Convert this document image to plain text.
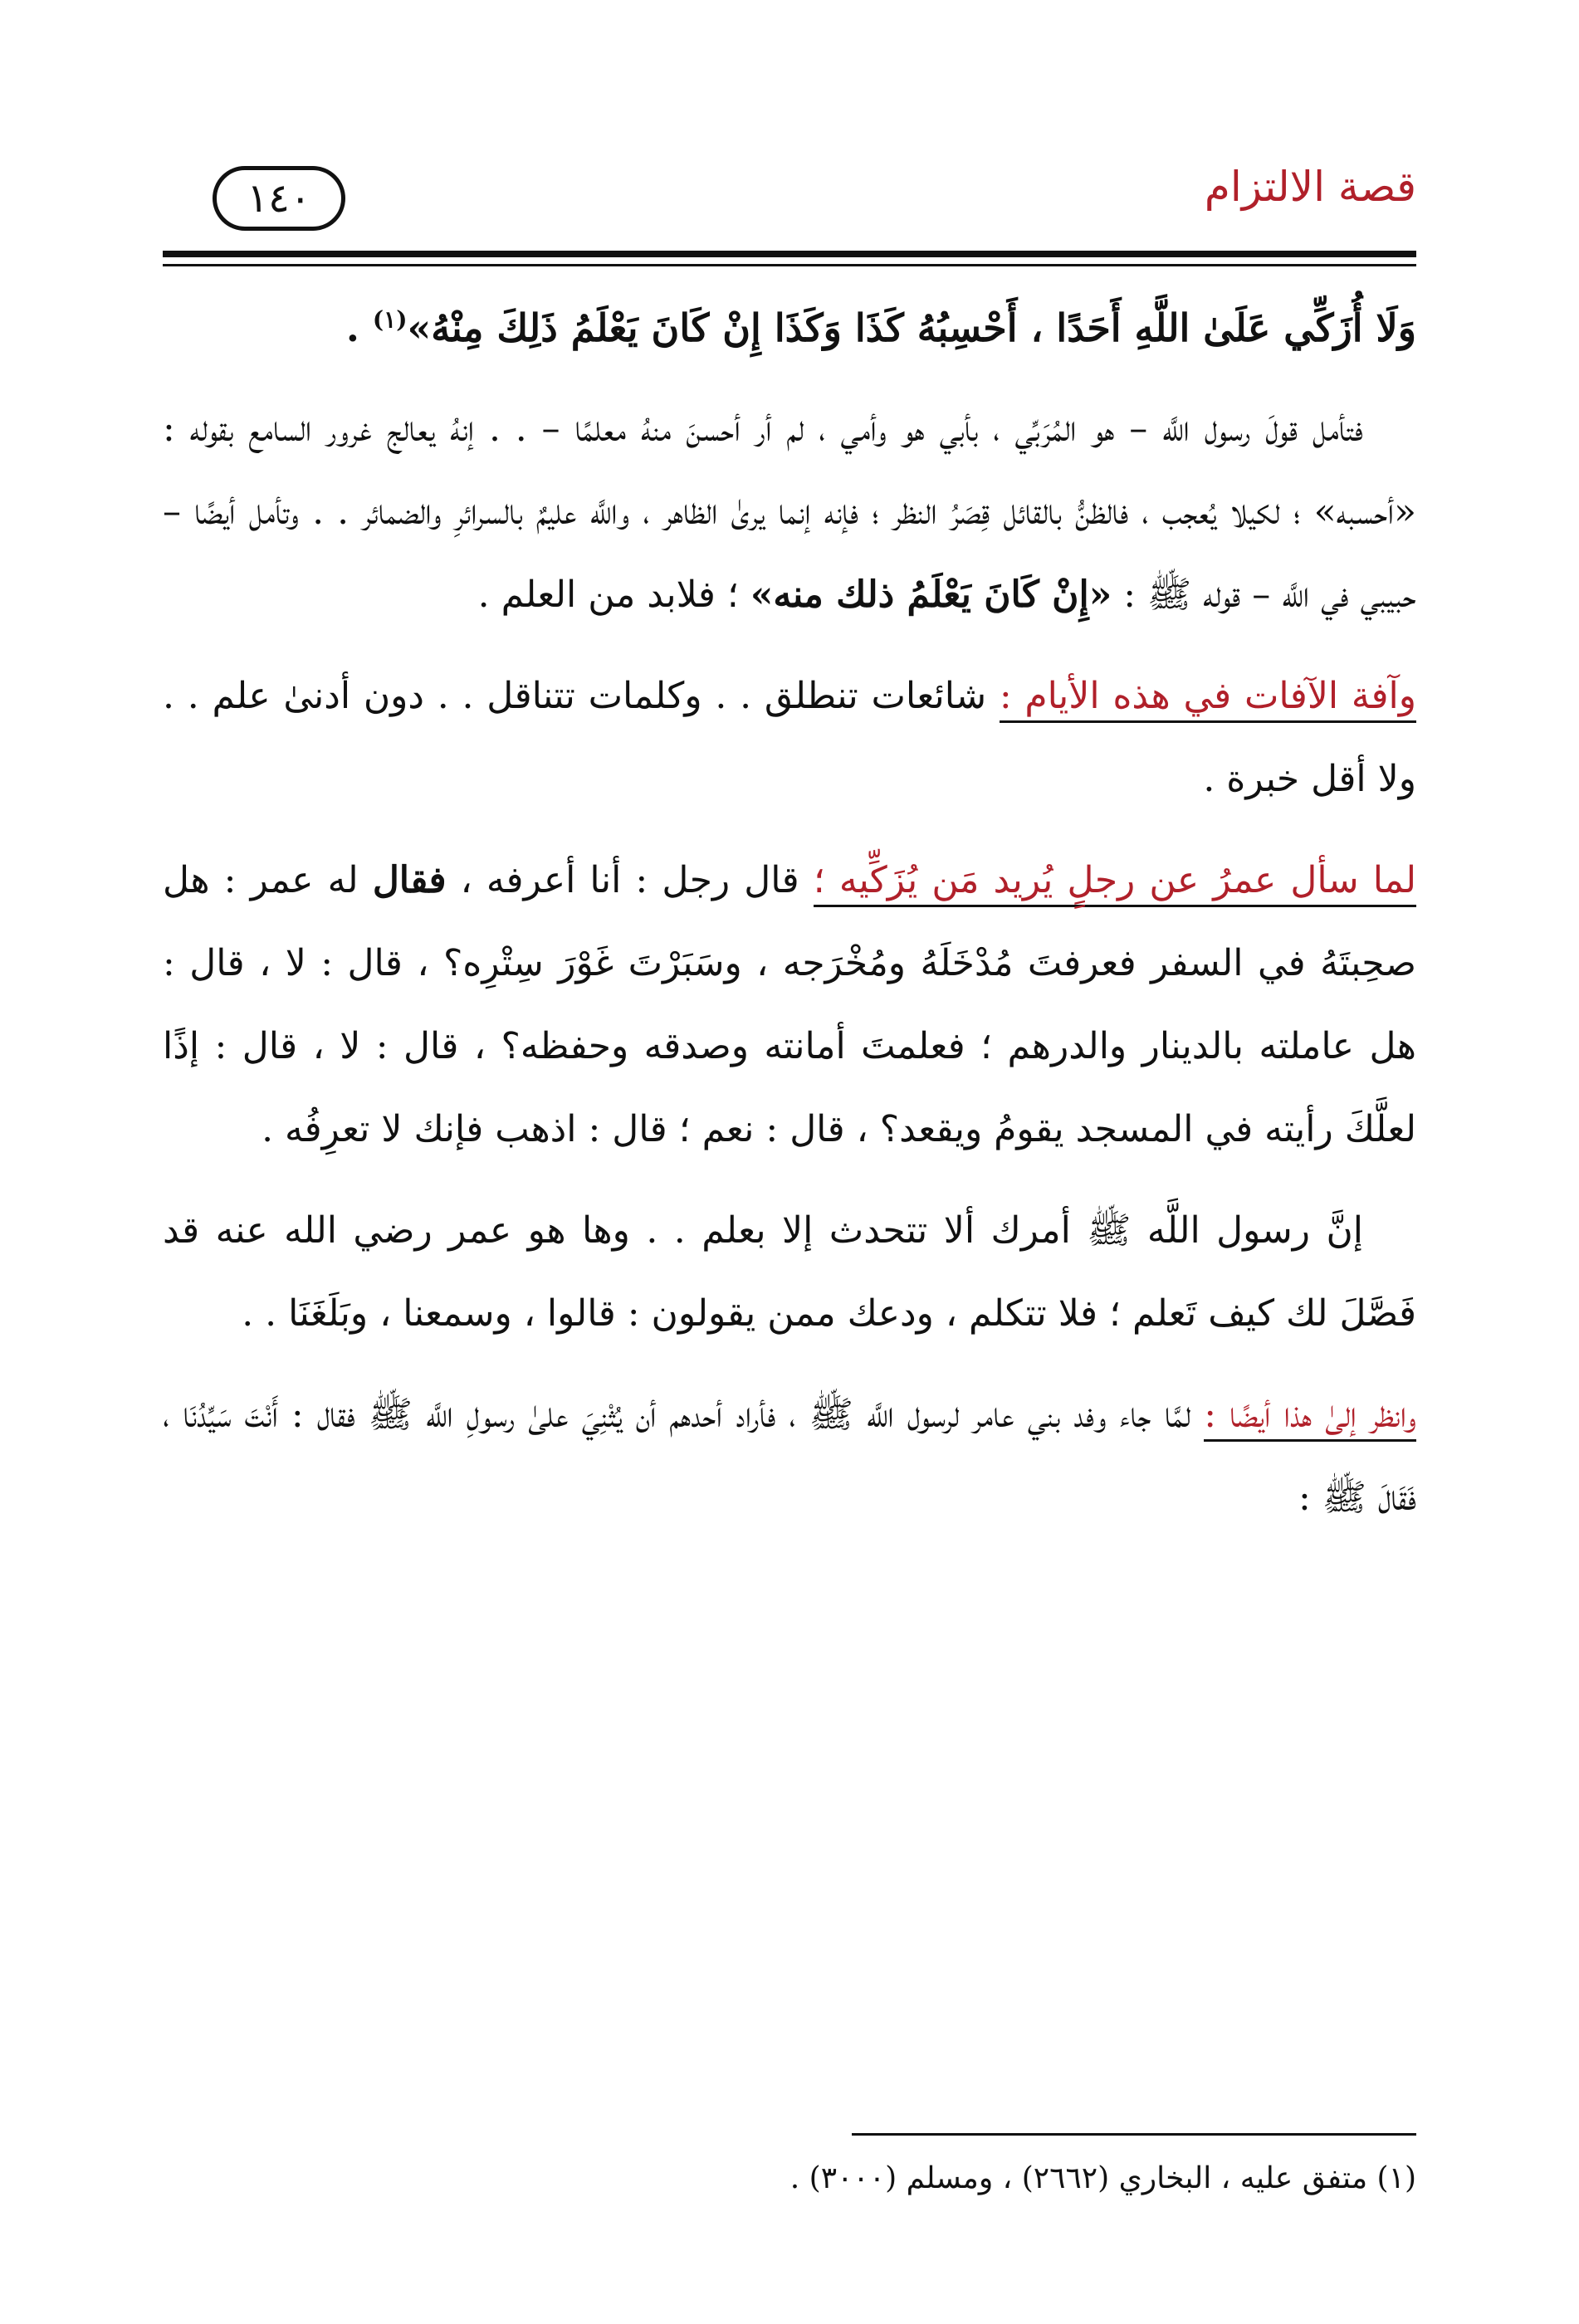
قصة الالتزام
١٤٠

وَلَا أُزَكِّي عَلَىٰ اللَّهِ أَحَدًا ، أَحْسِبُهُ كَذَا وَكَذَا إِنْ كَانَ يَعْلَمُ ذَلِكَ مِنْهُ»$^{(١)}$ .

فتأمل قولَ رسول اللَّه – هو المُرَبِّي ، بأبي هو وأمي ، لم أر أحسنَ منهُ معلمًا – . . إنهُ يعالج غرور السامع بقوله : «أحسبه» ؛ لكيلا يُعجب ، فالظنُّ بالقائل قِصَرُ النظر ؛ فإنه إنما يرىٰ الظاهر ، واللَّه عليمٌ بالسرائرِ والضمائر . . وتأمل أيضًا – حبيبي في اللَّه – قوله ﷺ : «إِنْ كَانَ يَعْلَمُ ذلك منه» ؛ فلابد من العلم .

وآفة الآفات في هذه الأيام : شائعات تنطلق . . وكلمات تتناقل . . دون أدنىٰ علم . . ولا أقل خبرة .

لما سأل عمرُ عن رجلٍ يُريد مَن يُزَكِّيه ؛ قال رجل : أنا أعرفه ، فقال له عمر : هل صحِبتَهُ في السفر فعرفتَ مُدْخَلَهُ ومُخْرَجه ، وسَبَرْتَ غَوْرَ سِتْرِه؟ ، قال : لا ، قال : هل عاملته بالدينار والدرهم ؛ فعلمتَ أمانته وصدقه وحفظه؟ ، قال : لا ، قال : إذًا لعلَّكَ رأيته في المسجد يقومُ ويقعد؟ ، قال : نعم ؛ قال : اذهب فإنك لا تعرِفُه .

إنَّ رسول اللَّه ﷺ أمرك ألا تتحدث إلا بعلم . . وها هو عمر رضي الله عنه قد فَصَّلَ لك كيف تَعلم ؛ فلا تتكلم ، ودعك ممن يقولون : قالوا ، وسمعنا ، وبَلَغَنَا . .

وانظر إلىٰ هذا أيضًا : لمَّا جاء وفد بني عامر لرسول اللَّه ﷺ ، فأراد أحدهم أن يُثْنِيَ علىٰ رسولِ اللَّه ﷺ فقال : أَنْتَ سَيِّدُنَا ، فَقَالَ ﷺ :

(١) متفق عليه ، البخاري (٢٦٦٢) ، ومسلم (٣٠٠٠) .
